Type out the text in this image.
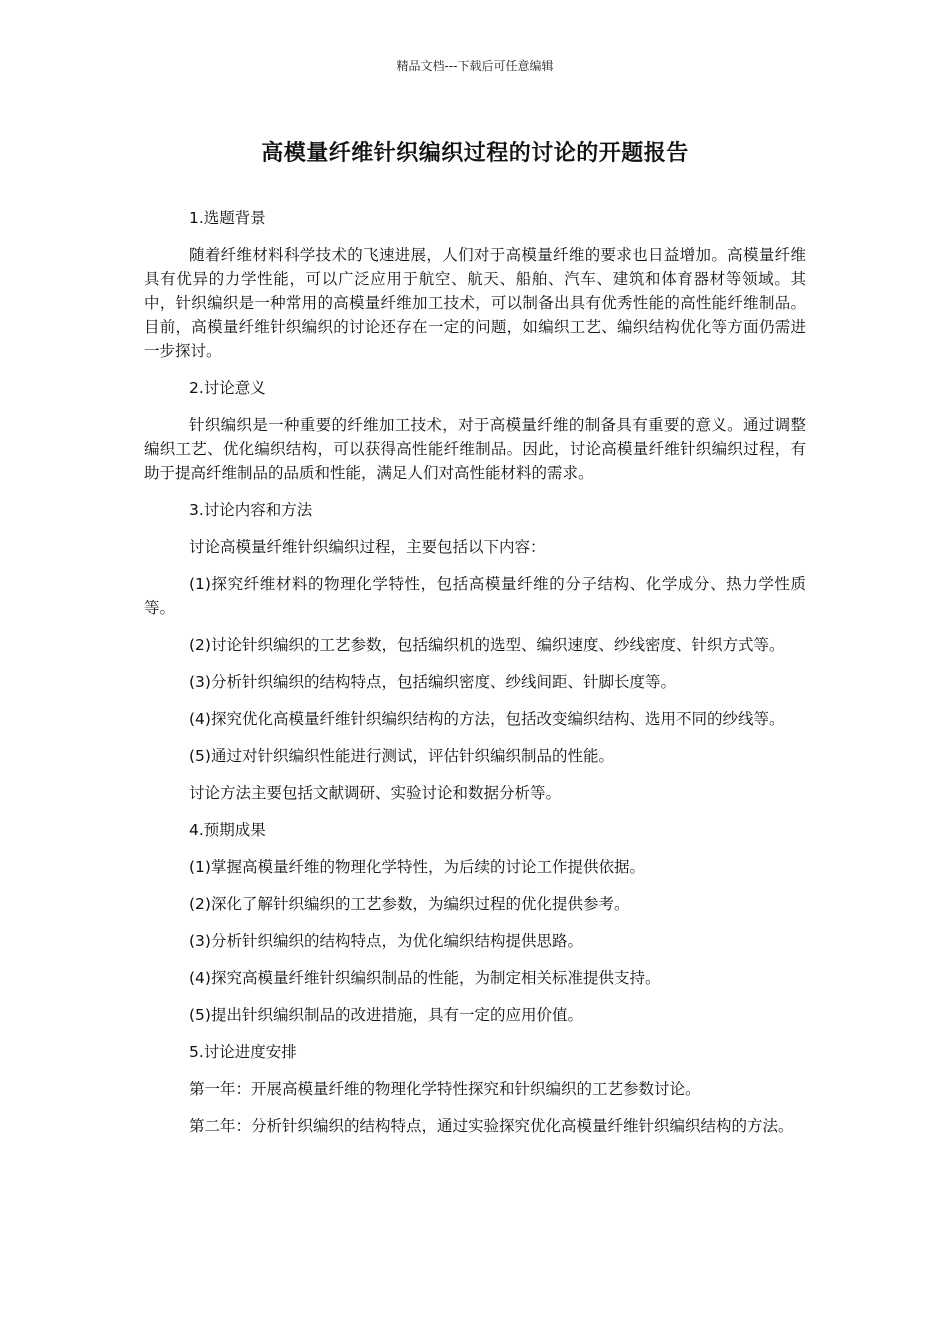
精品文档---下载后可任意编辑
高模量纤维针织编织过程的讨论的开题报告

1.选题背景

随着纤维材料科学技术的飞速进展，人们对于高模量纤维的要求也日益增加。高模量纤维具有优异的力学性能，可以广泛应用于航空、航天、船舶、汽车、建筑和体育器材等领域。其中，针织编织是一种常用的高模量纤维加工技术，可以制备出具有优秀性能的高性能纤维制品。目前，高模量纤维针织编织的讨论还存在一定的问题，如编织工艺、编织结构优化等方面仍需进一步探讨。

2.讨论意义

针织编织是一种重要的纤维加工技术，对于高模量纤维的制备具有重要的意义。通过调整编织工艺、优化编织结构，可以获得高性能纤维制品。因此，讨论高模量纤维针织编织过程，有助于提高纤维制品的品质和性能，满足人们对高性能材料的需求。

3.讨论内容和方法

讨论高模量纤维针织编织过程，主要包括以下内容：

(1)探究纤维材料的物理化学特性，包括高模量纤维的分子结构、化学成分、热力学性质等。

(2)讨论针织编织的工艺参数，包括编织机的选型、编织速度、纱线密度、针织方式等。

(3)分析针织编织的结构特点，包括编织密度、纱线间距、针脚长度等。

(4)探究优化高模量纤维针织编织结构的方法，包括改变编织结构、选用不同的纱线等。

(5)通过对针织编织性能进行测试，评估针织编织制品的性能。

讨论方法主要包括文献调研、实验讨论和数据分析等。

4.预期成果

(1)掌握高模量纤维的物理化学特性，为后续的讨论工作提供依据。

(2)深化了解针织编织的工艺参数，为编织过程的优化提供参考。

(3)分析针织编织的结构特点，为优化编织结构提供思路。

(4)探究高模量纤维针织编织制品的性能，为制定相关标准提供支持。

(5)提出针织编织制品的改进措施，具有一定的应用价值。

5.讨论进度安排

第一年：开展高模量纤维的物理化学特性探究和针织编织的工艺参数讨论。

第二年：分析针织编织的结构特点，通过实验探究优化高模量纤维针织编织结构的方法。
